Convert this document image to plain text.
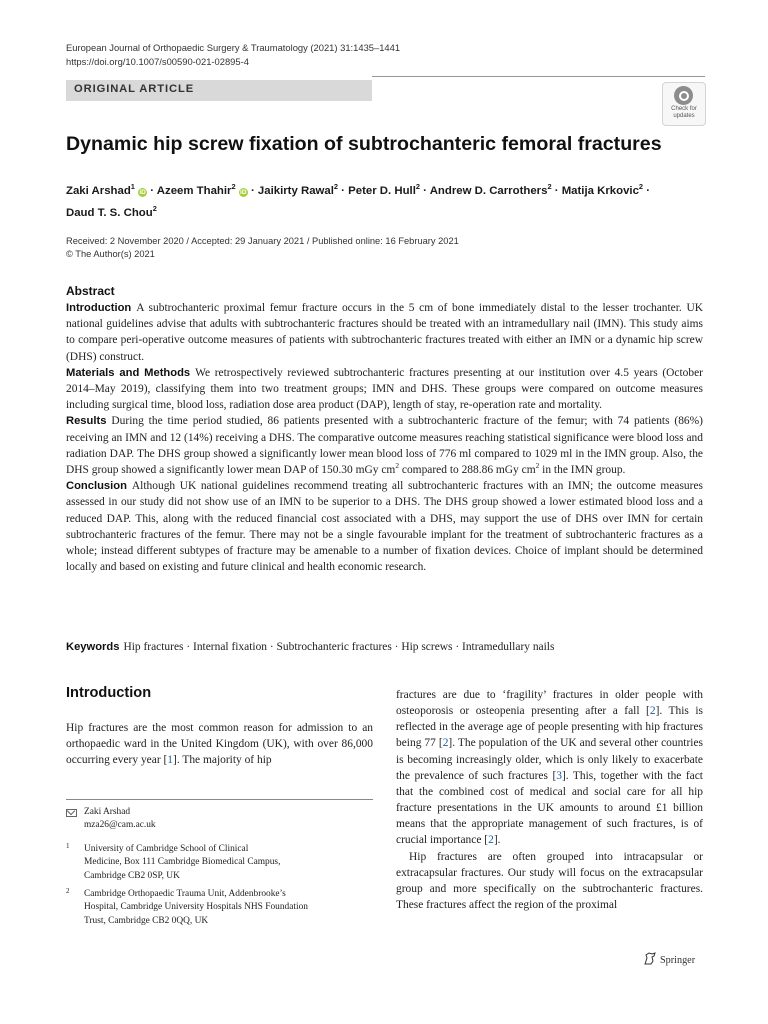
European Journal of Orthopaedic Surgery & Traumatology (2021) 31:1435–1441
https://doi.org/10.1007/s00590-021-02895-4
ORIGINAL ARTICLE
Check for
updates
Dynamic hip screw fixation of subtrochanteric femoral fractures
Zaki Arshad$^1$ iD · Azeem Thahir$^2$ iD · Jaikirty Rawal$^2$ · Peter D. Hull$^2$ · Andrew D. Carrothers$^2$ · Matija Krkovic$^2$ ·
Daud T. S. Chou$^2$
Received: 2 November 2020 / Accepted: 29 January 2021 / Published online: 16 February 2021
© The Author(s) 2021
Abstract

Introduction A subtrochanteric proximal femur fracture occurs in the 5 cm of bone immediately distal to the lesser trochanter. UK national guidelines advise that adults with subtrochanteric fractures should be treated with an intramedullary nail (IMN). This study aims to compare peri-operative outcome measures of patients with subtrochanteric fractures treated with either an IMN or a dynamic hip screw (DHS) construct.

Materials and Methods We retrospectively reviewed subtrochanteric fractures presenting at our institution over 4.5 years (October 2014–May 2019), classifying them into two treatment groups; IMN and DHS. These groups were compared on outcome measures including surgical time, blood loss, radiation dose area product (DAP), length of stay, re-operation rate and mortality.

Results During the time period studied, 86 patients presented with a subtrochanteric fracture of the femur; with 74 patients (86%) receiving an IMN and 12 (14%) receiving a DHS. The comparative outcome measures reaching statistical significance were blood loss and radiation DAP. The DHS group showed a significantly lower mean blood loss of 776 ml compared to 1029 ml in the IMN group. Also, the DHS group showed a significantly lower mean DAP of 150.30 mGy $cm^2$ compared to 288.86 mGy $cm^2$ in the IMN group.

Conclusion Although UK national guidelines recommend treating all subtrochanteric fractures with an IMN; the outcome measures assessed in our study did not show use of an IMN to be superior to a DHS. The DHS group showed a lower estimated blood loss and a reduced DAP. This, along with the reduced financial cost associated with a DHS, may support the use of DHS over IMN for certain subtrochanteric fractures of the femur. There may not be a single favourable implant for the treatment of subtrochanteric fractures as a whole; instead different subtypes of fracture may be amenable to a number of fixation devices. Choice of implant should be determined locally and based on existing and future clinical and health economic research.

Keywords Hip fractures · Internal fixation · Subtrochanteric fractures · Hip screws · Intramedullary nails
Introduction

Hip fractures are the most common reason for admission to an orthopaedic ward in the United Kingdom (UK), with over 86,000 occurring every year [1]. The majority of hip

fractures are due to ‘fragility’ fractures in older people with osteoporosis or osteopenia presenting after a fall [2]. This is reflected in the average age of people presenting with hip fractures being 77 [2]. The population of the UK and several other countries is becoming increasingly older, which is only likely to exacerbate the prevalence of such fractures [3]. This, together with the fact that the combined cost of medical and social care for all hip fracture presentations in the UK amounts to around £1 billion means that the appropriate management of such fractures, is of crucial importance [2].

Hip fractures are often grouped into intracapsular or extracapsular fractures. Our study will focus on the extracapsular group and more specifically on the subtrochanteric fractures. These fractures affect the region of the proximal

Zaki Arshad
mza26@cam.ac.uk
1 University of Cambridge School of Clinical
Medicine, Box 111 Cambridge Biomedical Campus,
Cambridge CB2 0SP, UK
2 Cambridge Orthopaedic Trauma Unit, Addenbrooke’s
Hospital, Cambridge University Hospitals NHS Foundation
Trust, Cambridge CB2 0QQ, UK
Springer
